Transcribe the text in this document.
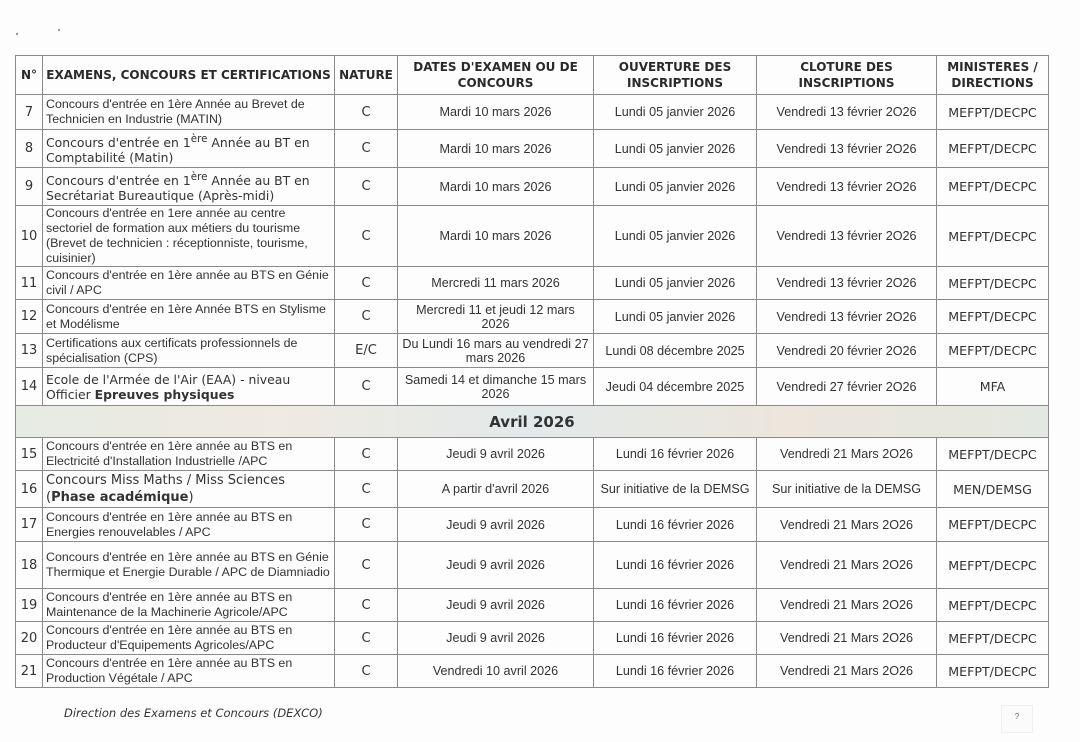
N°	EXAMENS, CONCOURS ET CERTIFICATIONS	NATURE	DATES D'EXAMEN OU DE CONCOURS	OUVERTURE DES INSCRIPTIONS	CLOTURE DES INSCRIPTIONS	MINISTERES / DIRECTIONS
7	Concours d'entrée en 1ère Année au Brevet de Technicien en Industrie (MATIN)	C	Mardi 10 mars 2026	Lundi 05 janvier 2026	Vendredi 13 février 2O26	MEFPT/DECPC
8	Concours d'entrée en 1ère Année au BT en Comptabilité (Matin)	C	Mardi 10 mars 2026	Lundi 05 janvier 2026	Vendredi 13 février 2O26	MEFPT/DECPC
9	Concours d'entrée en 1ère Année au BT en Secrétariat Bureautique (Après-midi)	C	Mardi 10 mars 2026	Lundi 05 janvier 2026	Vendredi 13 février 2O26	MEFPT/DECPC
10	Concours d'entrée en 1ere année au centre sectoriel de formation aux métiers du tourisme (Brevet de technicien : réceptionniste, tourisme, cuisinier)	C	Mardi 10 mars 2026	Lundi 05 janvier 2026	Vendredi 13 février 2O26	MEFPT/DECPC
11	Concours d'entrée en 1ère année au BTS en Génie civil / APC	C	Mercredi 11 mars 2026	Lundi 05 janvier 2026	Vendredi 13 février 2O26	MEFPT/DECPC
12	Concours d'entrée en 1ère Année BTS en Stylisme et Modélisme	C	Mercredi 11 et jeudi 12 mars 2026	Lundi 05 janvier 2026	Vendredi 13 février 2O26	MEFPT/DECPC
13	Certifications aux certificats professionnels de spécialisation (CPS)	E/C	Du Lundi 16 mars au vendredi 27 mars 2026	Lundi 08 décembre 2025	Vendredi 20 février 2O26	MEFPT/DECPC
14	Ecole de l'Armée de l'Air (EAA) - niveau Officier Epreuves physiques	C	Samedi 14 et dimanche 15 mars 2026	Jeudi 04 décembre 2025	Vendredi 27 février 2O26	MFA
Avril 2026						
15	Concours d'entrée en 1ère année au BTS en Electricité d'Installation Industrielle /APC	C	Jeudi 9 avril 2026	Lundi 16 février 2026	Vendredi 21 Mars 2O26	MEFPT/DECPC
16	Concours Miss Maths / Miss Sciences (Phase académique)	C	A partir d'avril 2026	Sur initiative de la DEMSG	Sur initiative de la DEMSG	MEN/DEMSG
17	Concours d'entrée en 1ère année au BTS en Energies renouvelables / APC	C	Jeudi 9 avril 2026	Lundi 16 février 2026	Vendredi 21 Mars 2O26	MEFPT/DECPC
18	Concours d'entrée en 1ère année au BTS en Génie Thermique et Energie Durable / APC de Diamniadio	C	Jeudi 9 avril 2026	Lundi 16 février 2026	Vendredi 21 Mars 2O26	MEFPT/DECPC
19	Concours d'entrée en 1ère année au BTS en Maintenance de la Machinerie Agricole/APC	C	Jeudi 9 avril 2026	Lundi 16 février 2026	Vendredi 21 Mars 2O26	MEFPT/DECPC
20	Concours d'entrée en 1ère année au BTS en Producteur d'Equipements Agricoles/APC	C	Jeudi 9 avril 2026	Lundi 16 février 2026	Vendredi 21 Mars 2O26	MEFPT/DECPC
21	Concours d'entrée en 1ère année au BTS en Production Végétale / APC	C	Vendredi 10 avril 2026	Lundi 16 février 2026	Vendredi 21 Mars 2O26	MEFPT/DECPC
Direction des Examens et Concours (DEXCO)	?
